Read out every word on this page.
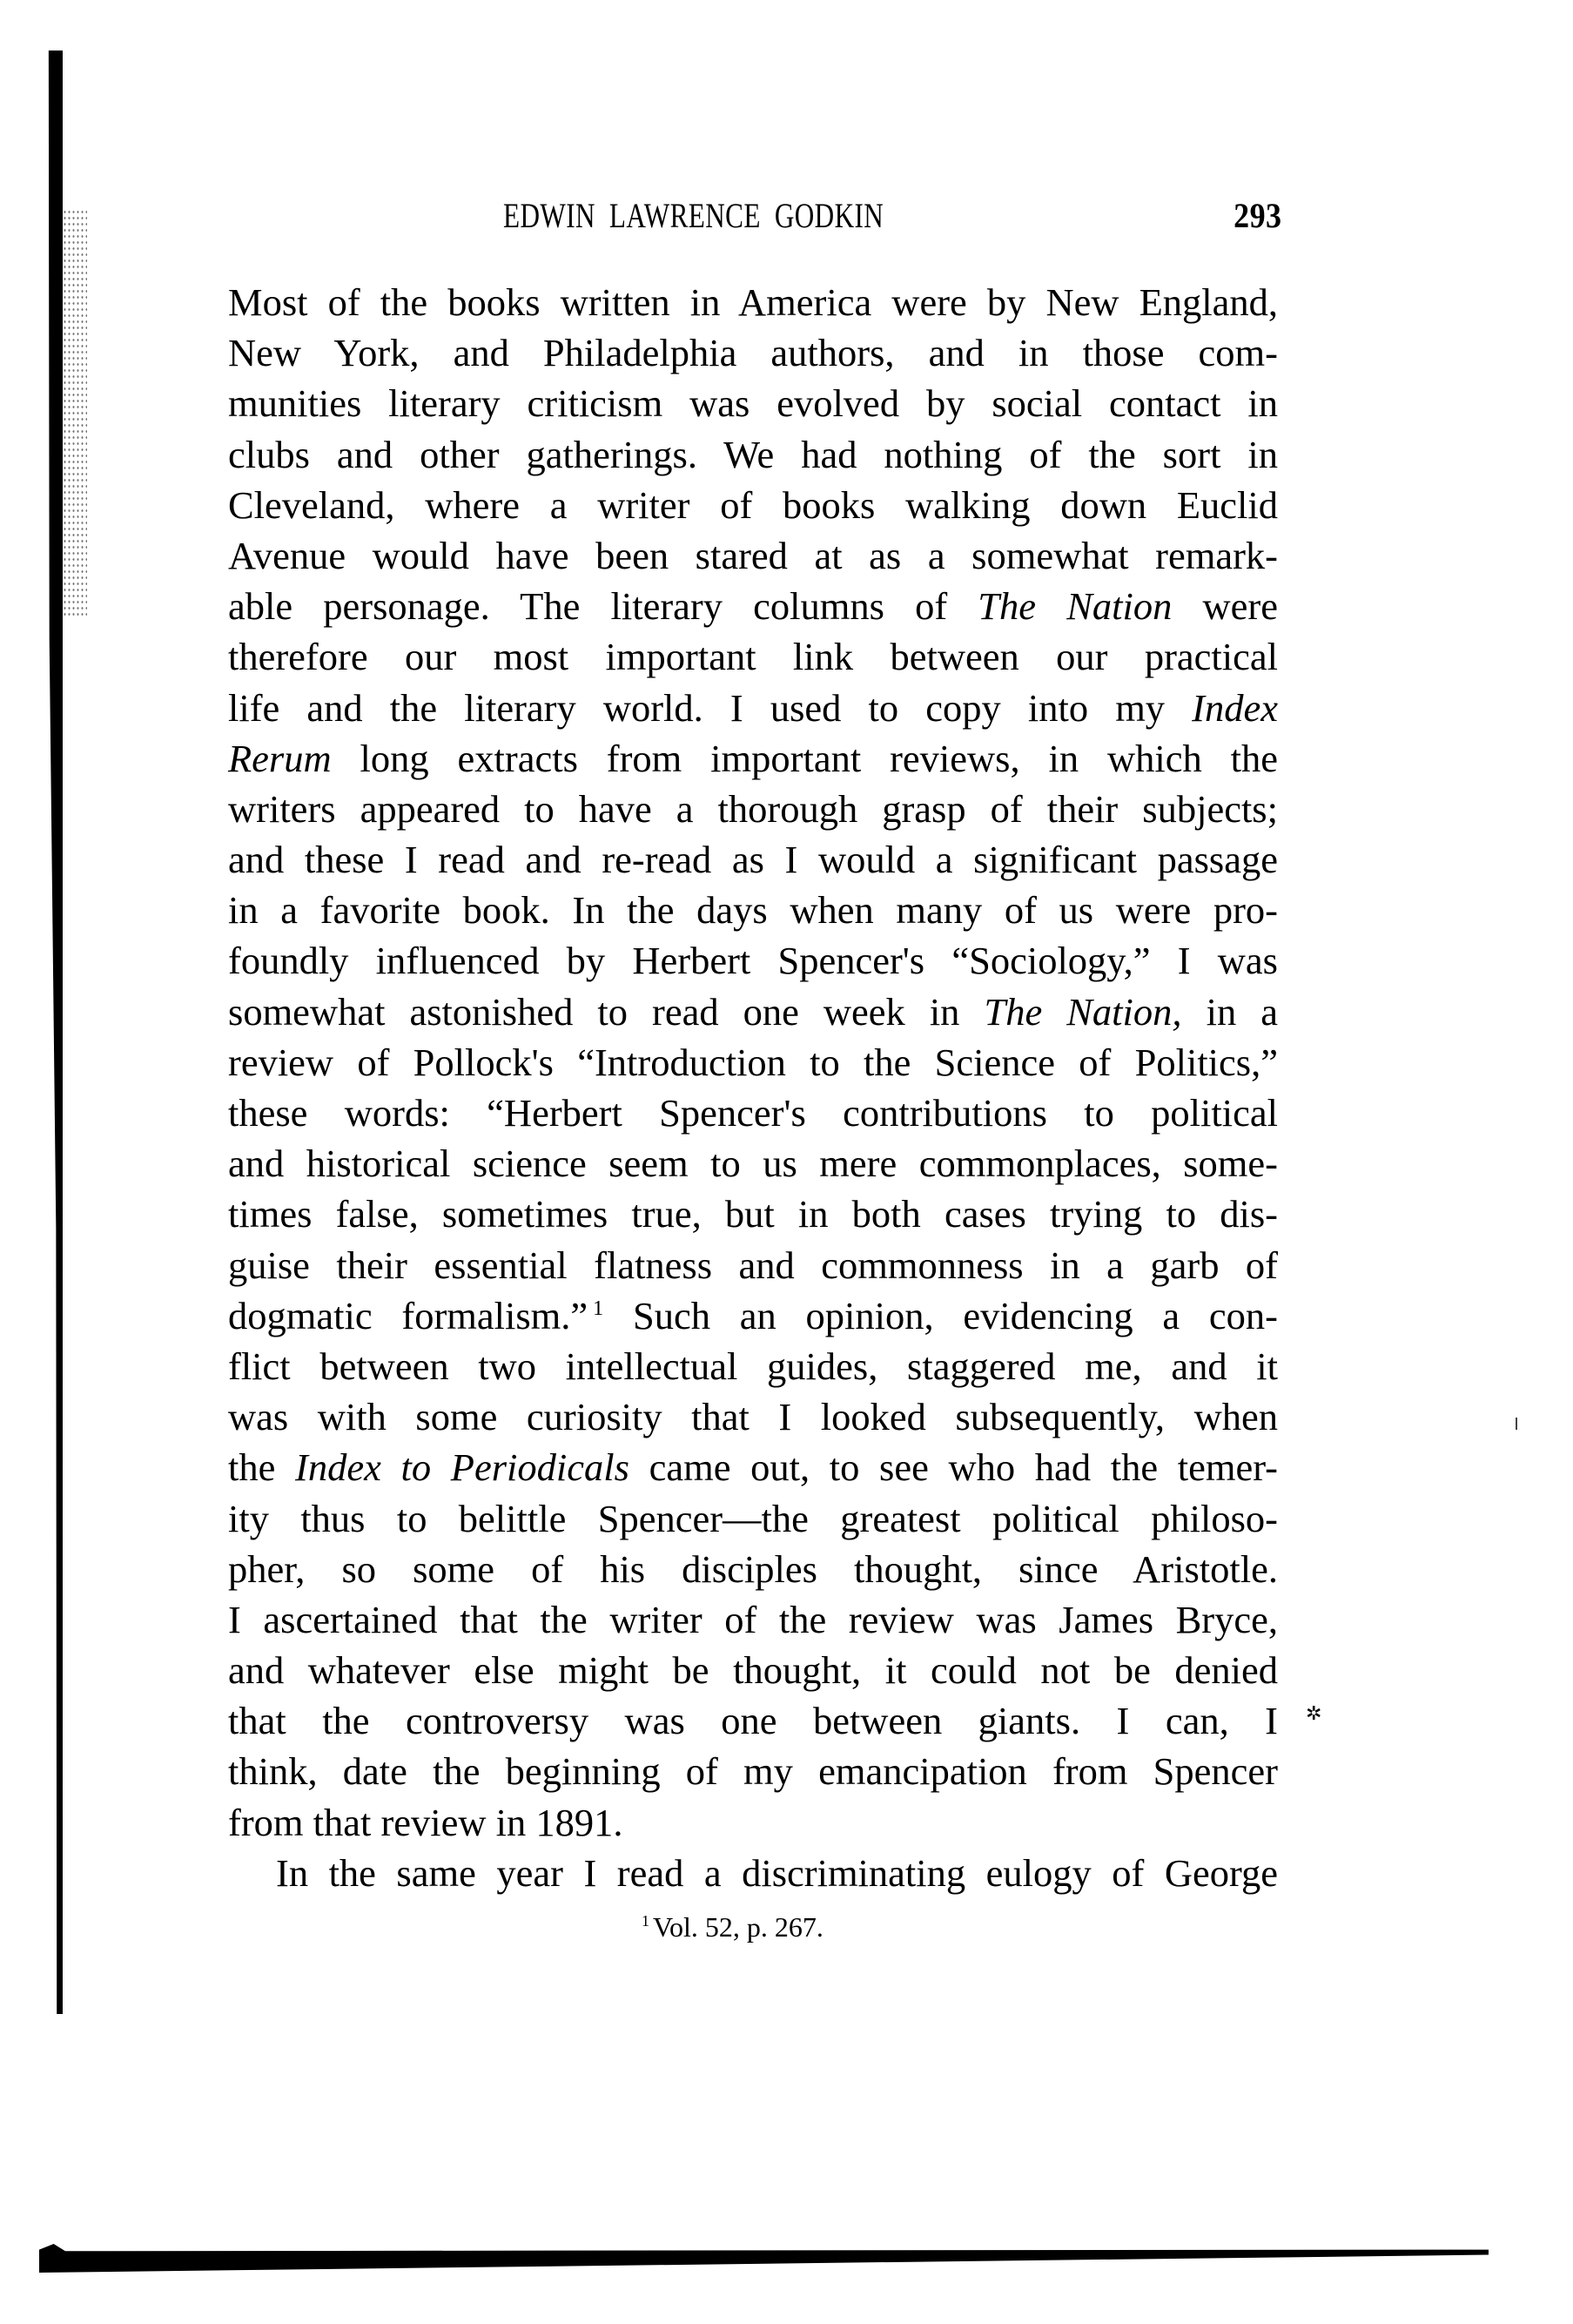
✲
EDWIN LAWRENCE GODKIN	293
Most of the books written in America were by New England,
New York, and Philadelphia authors, and in those com-
munities literary criticism was evolved by social contact in
clubs and other gatherings. We had nothing of the sort in
Cleveland, where a writer of books walking down Euclid
Avenue would have been stared at as a somewhat remark-
able personage. The literary columns of The Nation were
therefore our most important link between our practical
life and the literary world. I used to copy into my Index
Rerum long extracts from important reviews, in which the
writers appeared to have a thorough grasp of their subjects;
and these I read and re-read as I would a significant passage
in a favorite book. In the days when many of us were pro-
foundly influenced by Herbert Spencer's “Sociology,” I was
somewhat astonished to read one week in The Nation, in a
review of Pollock's “Introduction to the Science of Politics,”
these words: “Herbert Spencer's contributions to political
and historical science seem to us mere commonplaces, some-
times false, sometimes true, but in both cases trying to dis-
guise their essential flatness and commonness in a garb of
dogmatic formalism.” $^1$ Such an opinion, evidencing a con-
flict between two intellectual guides, staggered me, and it
was with some curiosity that I looked subsequently, when
the Index to Periodicals came out, to see who had the temer-
ity thus to belittle Spencer—the greatest political philoso-
pher, so some of his disciples thought, since Aristotle.
I ascertained that the writer of the review was James Bryce,
and whatever else might be thought, it could not be denied
that the controversy was one between giants. I can, I
think, date the beginning of my emancipation from Spencer
from that review in 1891.
In the same year I read a discriminating eulogy of George
$^1$ Vol. 52, p. 267.
